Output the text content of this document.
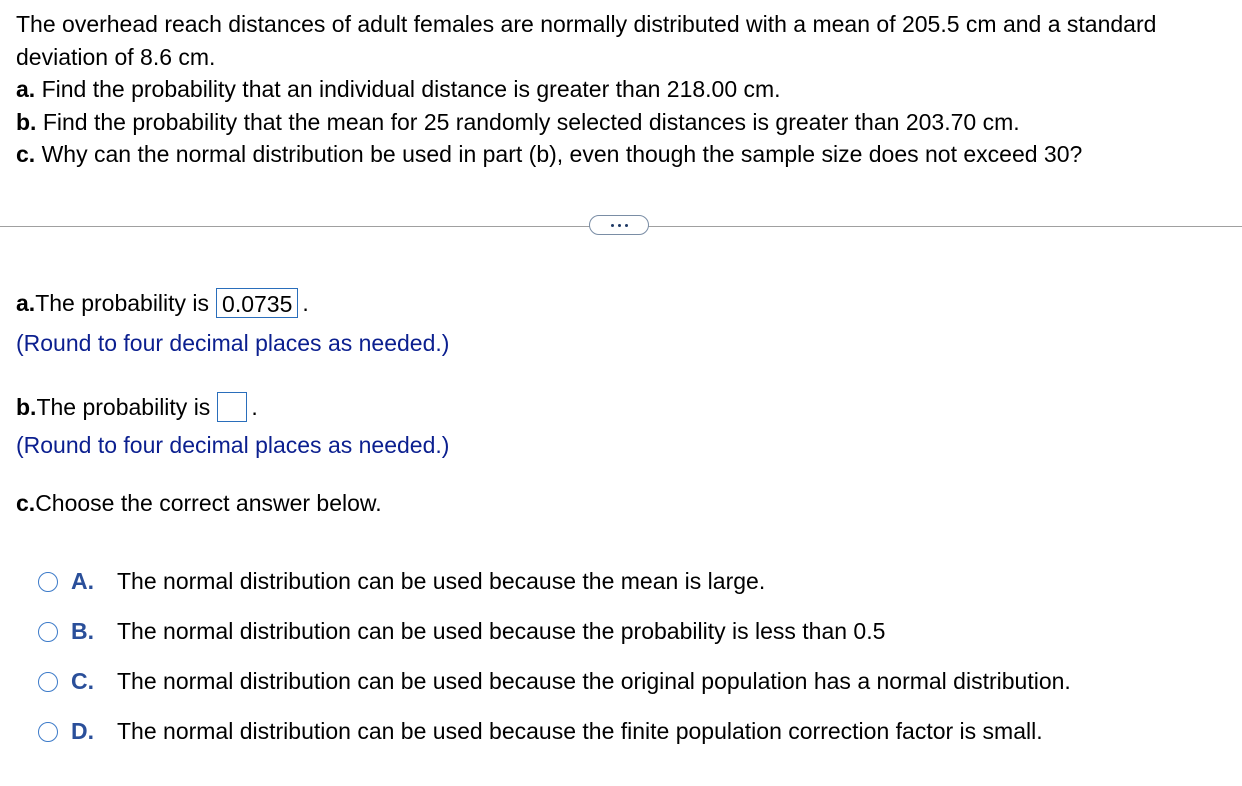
The overhead reach distances of adult females are normally distributed with a mean of 205.5 cm and a standard deviation of 8.6 cm.

a. Find the probability that an individual distance is greater than 218.00 cm.

b. Find the probability that the mean for 25 randomly selected distances is greater than 203.70 cm.

c. Why can the normal distribution be used in part (b), even though the sample size does not exceed 30?

a. The probability is 0.0735 .
(Round to four decimal places as needed.)
b. The probability is .
(Round to four decimal places as needed.)
c. Choose the correct answer below.
A.	The normal distribution can be used because the mean is large.
B.	The normal distribution can be used because the probability is less than 0.5
C.	The normal distribution can be used because the original population has a normal distribution.
D.	The normal distribution can be used because the finite population correction factor is small.
